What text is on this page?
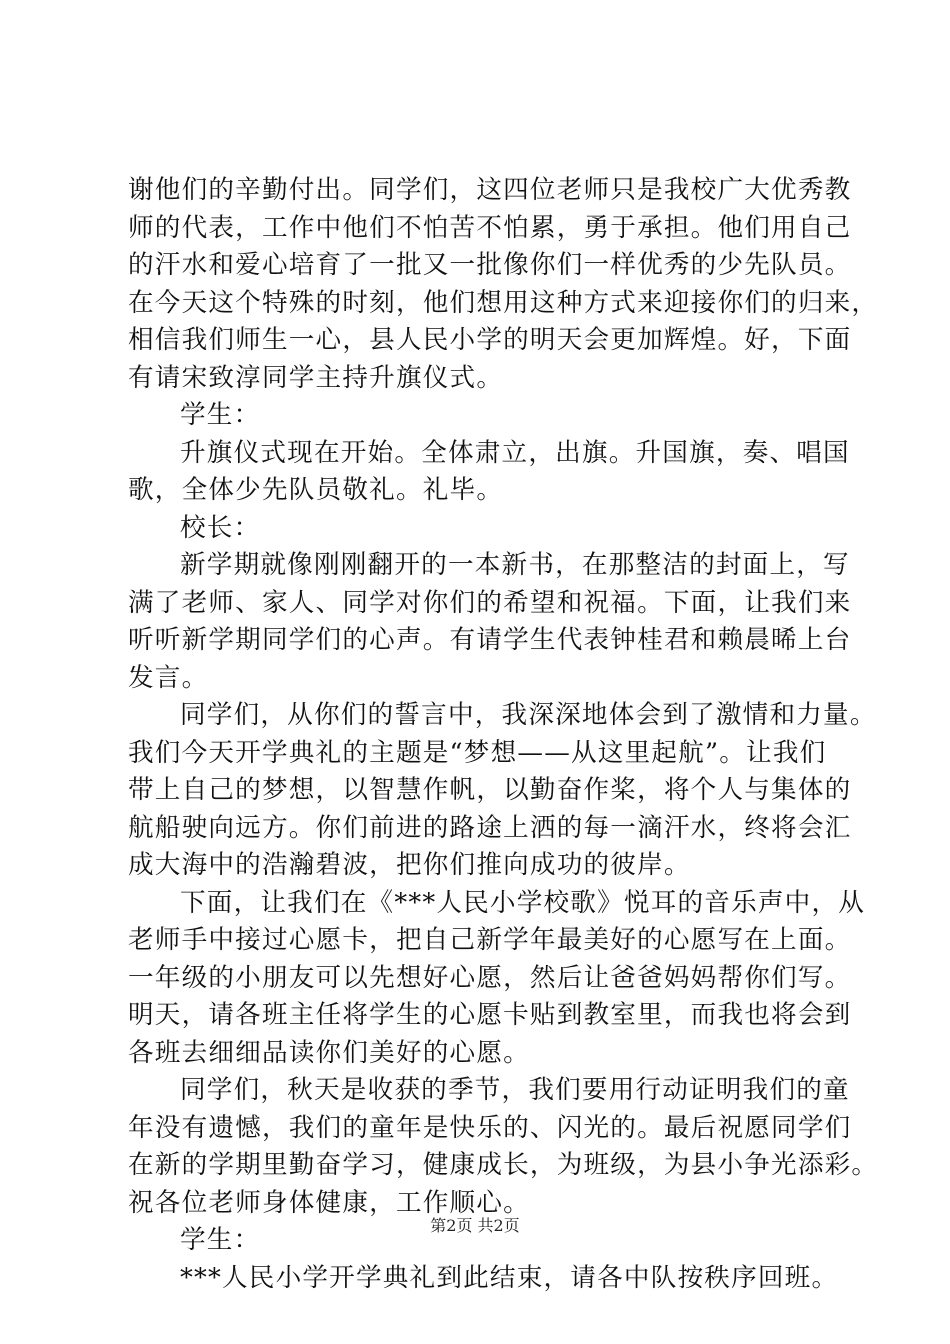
谢他们的辛勤付出。同学们，这四位老师只是我校广大优秀教
师的代表，工作中他们不怕苦不怕累，勇于承担。他们用自己
的汗水和爱心培育了一批又一批像你们一样优秀的少先队员。
在今天这个特殊的时刻，他们想用这种方式来迎接你们的归来，
相信我们师生一心，县人民小学的明天会更加辉煌。好，下面
有请宋致淳同学主持升旗仪式。
学生：
升旗仪式现在开始。全体肃立，出旗。升国旗，奏、唱国
歌，全体少先队员敬礼。礼毕。
校长：
新学期就像刚刚翻开的一本新书，在那整洁的封面上，写
满了老师、家人、同学对你们的希望和祝福。下面，让我们来
听听新学期同学们的心声。有请学生代表钟桂君和赖晨晞上台
发言。
同学们，从你们的誓言中，我深深地体会到了激情和力量。
我们今天开学典礼的主题是“梦想——从这里起航”。让我们
带上自己的梦想，以智慧作帆，以勤奋作桨，将个人与集体的
航船驶向远方。你们前进的路途上洒的每一滴汗水，终将会汇
成大海中的浩瀚碧波，把你们推向成功的彼岸。
下面，让我们在《***人民小学校歌》悦耳的音乐声中，从
老师手中接过心愿卡，把自己新学年最美好的心愿写在上面。
一年级的小朋友可以先想好心愿，然后让爸爸妈妈帮你们写。
明天，请各班主任将学生的心愿卡贴到教室里，而我也将会到
各班去细细品读你们美好的心愿。
同学们，秋天是收获的季节，我们要用行动证明我们的童
年没有遗憾，我们的童年是快乐的、闪光的。最后祝愿同学们
在新的学期里勤奋学习，健康成长，为班级，为县小争光添彩。
祝各位老师身体健康，工作顺心。
学生：
***人民小学开学典礼到此结束，请各中队按秩序回班。
第2页 共2页
